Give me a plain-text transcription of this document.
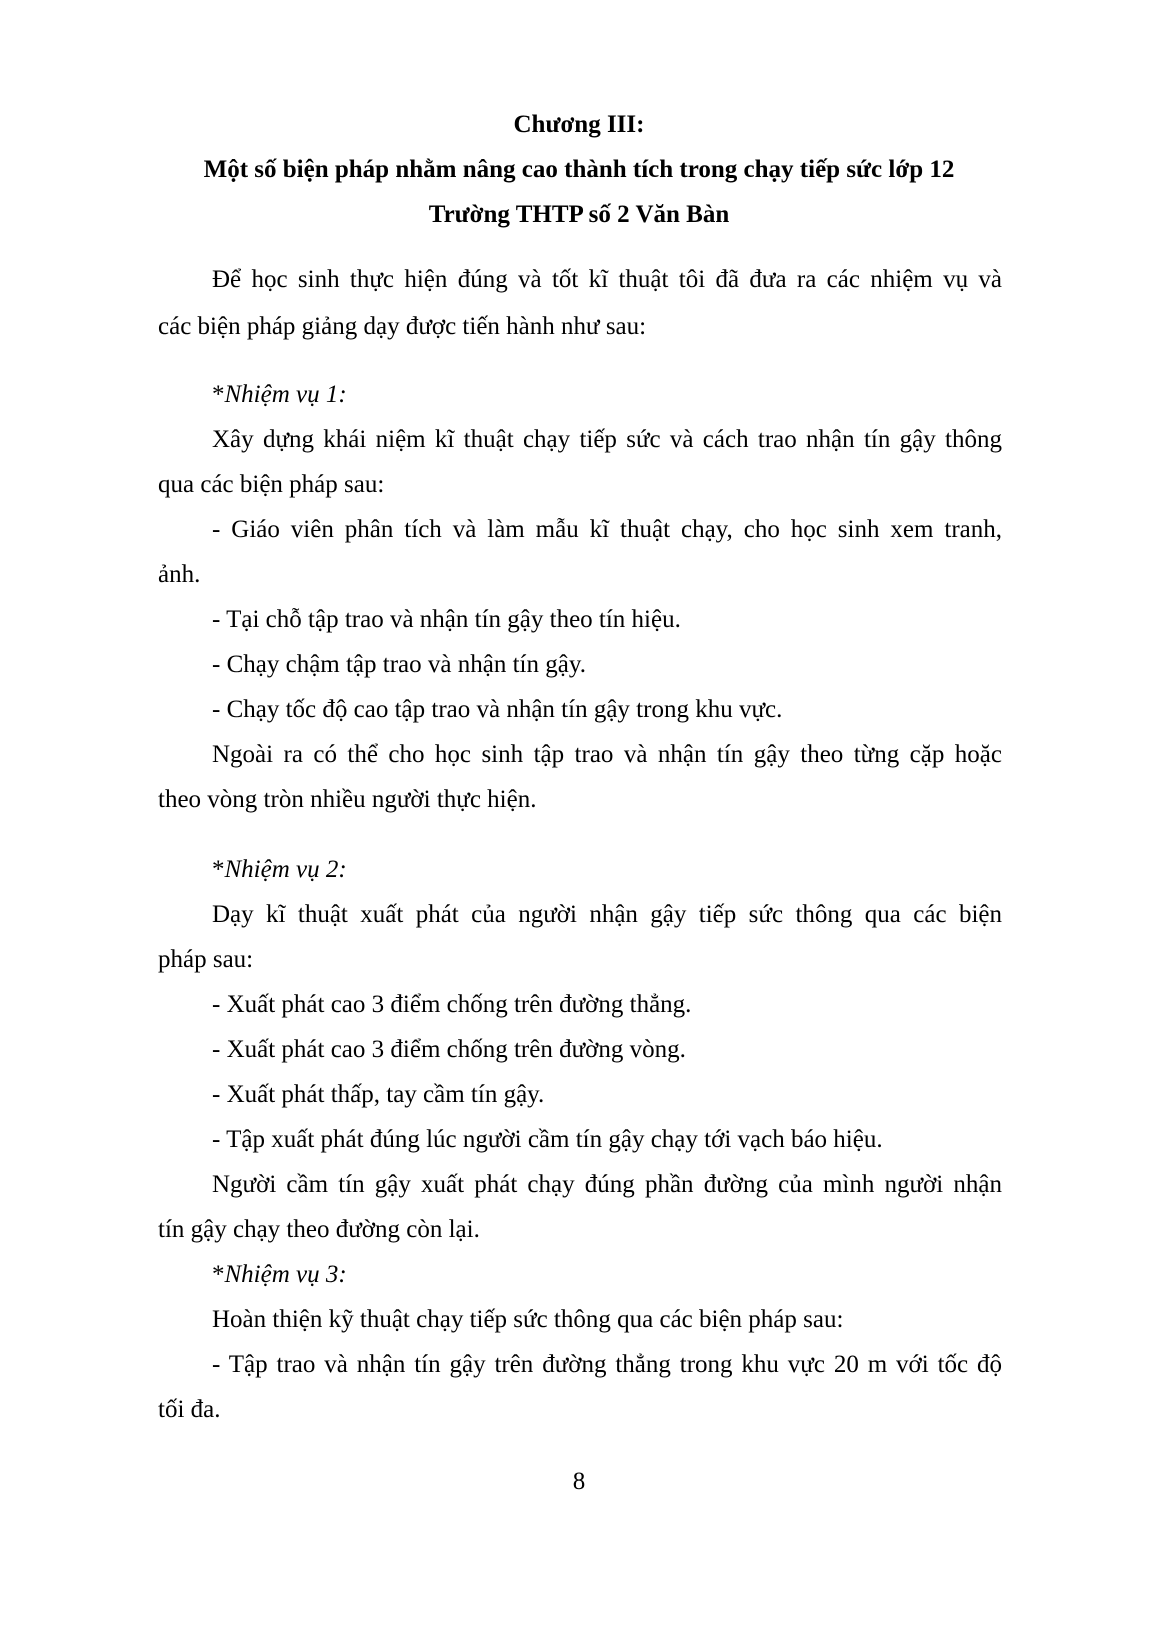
Chương III:
Một số biện pháp nhằm nâng cao thành tích trong chạy tiếp sức lớp 12
Trường THTP số 2 Văn Bàn
Để học sinh thực hiện đúng và tốt kĩ thuật tôi đã đưa ra các nhiệm vụ và
các biện pháp giảng dạy được tiến hành như sau:
*Nhiệm vụ 1:
Xây dựng khái niệm kĩ thuật chạy tiếp sức và cách trao nhận tín gậy thông
qua các biện pháp sau:
- Giáo viên phân tích và làm mẫu kĩ thuật chạy, cho học sinh xem tranh,
ảnh.
- Tại chỗ tập trao và nhận tín gậy theo tín hiệu.
- Chạy chậm tập trao và nhận tín gậy.
- Chạy tốc độ cao tập trao và nhận tín gậy trong khu vực.
Ngoài ra có thể cho học sinh tập trao và nhận tín gậy theo từng cặp hoặc
theo vòng tròn nhiều người thực hiện.
*Nhiệm vụ 2:
Dạy kĩ thuật xuất phát của người nhận gậy tiếp sức thông qua các biện
pháp sau:
- Xuất phát cao 3 điểm chống trên đường thẳng.
- Xuất phát cao 3 điểm chống trên đường vòng.
- Xuất phát thấp, tay cầm tín gậy.
- Tập xuất phát đúng lúc người cầm tín gậy chạy tới vạch báo hiệu.
Người cầm tín gậy xuất phát chạy đúng phần đường của mình người nhận
tín gậy chạy theo đường còn lại.
*Nhiệm vụ 3:
Hoàn thiện kỹ thuật chạy tiếp sức thông qua các biện pháp sau:
- Tập trao và nhận tín gậy trên đường thẳng trong khu vực 20 m với tốc độ
tối đa.
8
